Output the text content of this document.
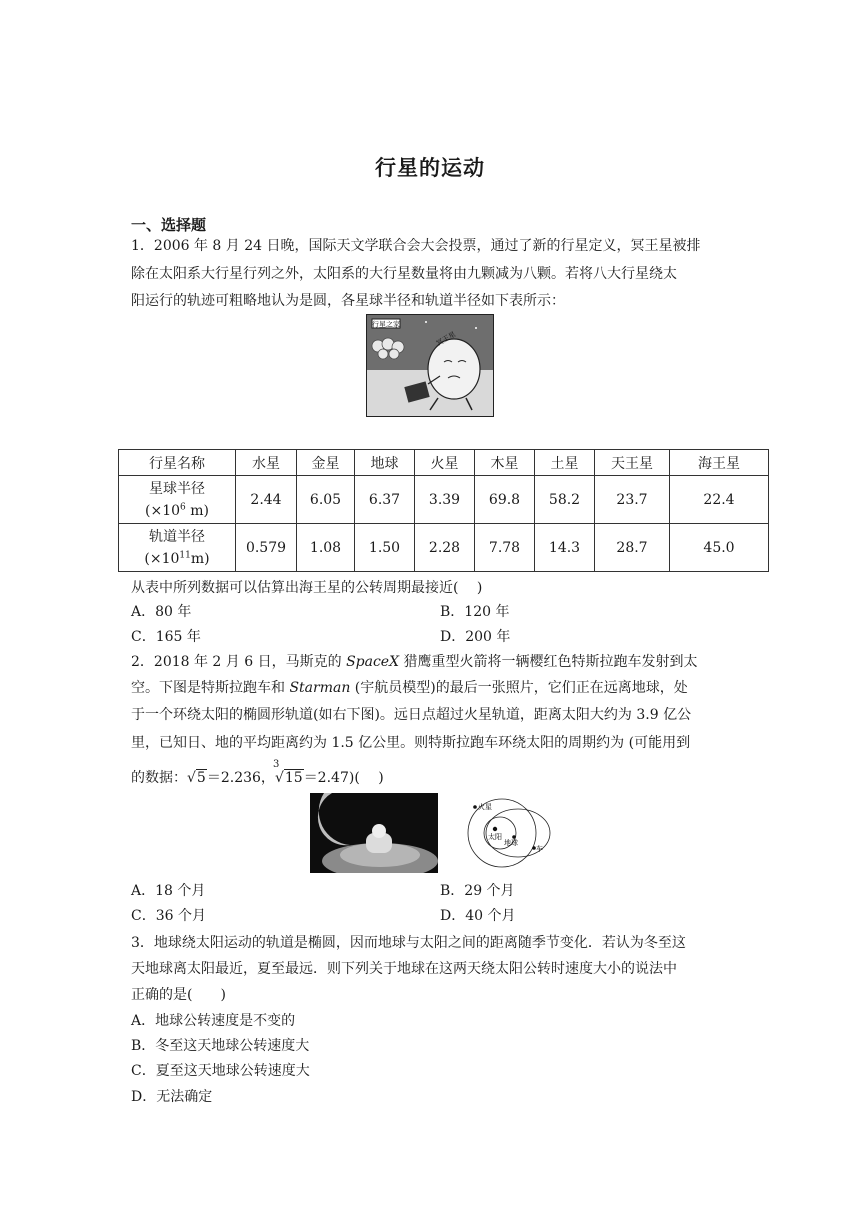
行星的运动
一、选择题
1．2006 年 8 月 24 日晚，国际天文学联合会大会投票，通过了新的行星定义，冥王星被排
除在太阳系大行星行列之外，太阳系的大行星数量将由九颗减为八颗。若将八大行星绕太
阳运行的轨迹可粗略地认为是圆，各星球半径和轨道半径如下表所示：
行星之家
冥王星
行星名称	水星	金星	地球	火星	木星	土星	天王星	海王星

星球半径
($\times 10^6$ m)	2.44	6.05	6.37	3.39	69.8	58.2	23.7	22.4

轨道半径
$(\times 10^{11}m)$	0.579	1.08	1.50	2.28	7.78	14.3	28.7	45.0
从表中所列数据可以估算出海王星的公转周期最接近(　 )
A．80 年	B．120 年
C．165 年	D．200 年
2．2018 年 2 月 6 日，马斯克的 SpaceX 猎鹰重型火箭将一辆樱红色特斯拉跑车发射到太
空。下图是特斯拉跑车和 Starman (宇航员模型)的最后一张照片，它们正在远离地球，处
于一个环绕太阳的椭圆形轨道(如右下图)。远日点超过火星轨道，距离太阳大约为 3.9 亿公
里，已知日、地的平均距离约为 1.5 亿公里。则特斯拉跑车环绕太阳的周期约为 (可能用到
的数据：√5＝2.236，
3
√15＝2.47)(　 )
火星
太阳
地球
车
A．18 个月	B．29 个月
C．36 个月	D．40 个月
3．地球绕太阳运动的轨道是椭圆，因而地球与太阳之间的距离随季节变化．若认为冬至这
天地球离太阳最近，夏至最远．则下列关于地球在这两天绕太阳公转时速度大小的说法中
正确的是(　　)
A．地球公转速度是不变的
B．冬至这天地球公转速度大
C．夏至这天地球公转速度大
D．无法确定
